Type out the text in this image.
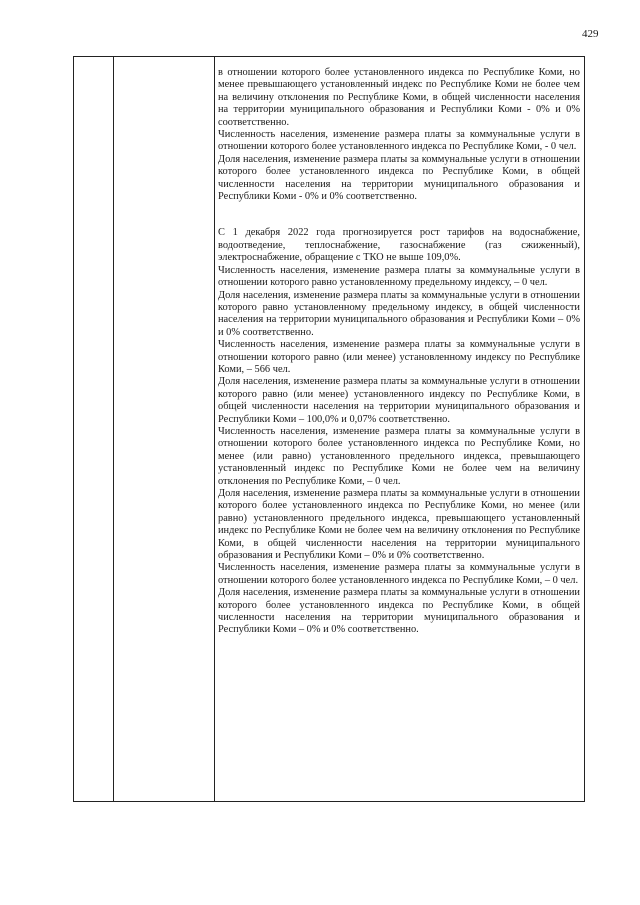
429

в отношении которого более установленного индекса по Республике Коми, но менее превышающего установленный индекс по Республике Коми не более чем на величину отклонения по Республике Коми, в общей численности населения на территории муниципального образования и Республики Коми - 0% и 0% соответственно.

Численность населения, изменение размера платы за коммунальные услуги в отношении которого более установленного индекса по Республике Коми, - 0 чел.

Доля населения, изменение размера платы за коммунальные услуги в отношении которого более установленного индекса по Республике Коми, в общей численности населения на территории муниципального образования и Республики Коми - 0% и 0% соответственно.

С 1 декабря 2022 года прогнозируется рост тарифов на водоснабжение, водоотведение, теплоснабжение, газоснабжение (газ сжиженный), электроснабжение, обращение с ТКО не выше 109,0%.

Численность населения, изменение размера платы за коммунальные услуги в отношении которого равно установленному предельному индексу, – 0 чел.

Доля населения, изменение размера платы за коммунальные услуги в отношении которого равно установленному предельному индексу, в общей численности населения на территории муниципального образования и Республики Коми – 0% и 0% соответственно.

Численность населения, изменение размера платы за коммунальные услуги в отношении которого равно (или менее) установленному индексу по Республике Коми, – 566 чел.

Доля населения, изменение размера платы за коммунальные услуги в отношении которого равно (или менее) установленного индексу по Республике Коми, в общей численности населения на территории муниципального образования и Республики Коми – 100,0% и 0,07% соответственно.

Численность населения, изменение размера платы за коммунальные услуги в отношении которого более установленного индекса по Республике Коми, но менее (или равно) установленного предельного индекса, превышающего установленный индекс по Республике Коми не более чем на величину отклонения по Республике Коми, – 0 чел.

Доля населения, изменение размера платы за коммунальные услуги в отношении которого более установленного индекса по Республике Коми, но менее (или равно) установленного предельного индекса, превышающего установленный индекс по Республике Коми не более чем на величину отклонения по Республике Коми, в общей численности населения на территории муниципального образования и Республики Коми – 0% и 0% соответственно.

Численность населения, изменение размера платы за коммунальные услуги в отношении которого более установленного индекса по Республике Коми, – 0 чел.

Доля населения, изменение размера платы за коммунальные услуги в отношении которого более установленного индекса по Республике Коми, в общей численности населения на территории муниципального образования и Республики Коми – 0% и 0% соответственно.
